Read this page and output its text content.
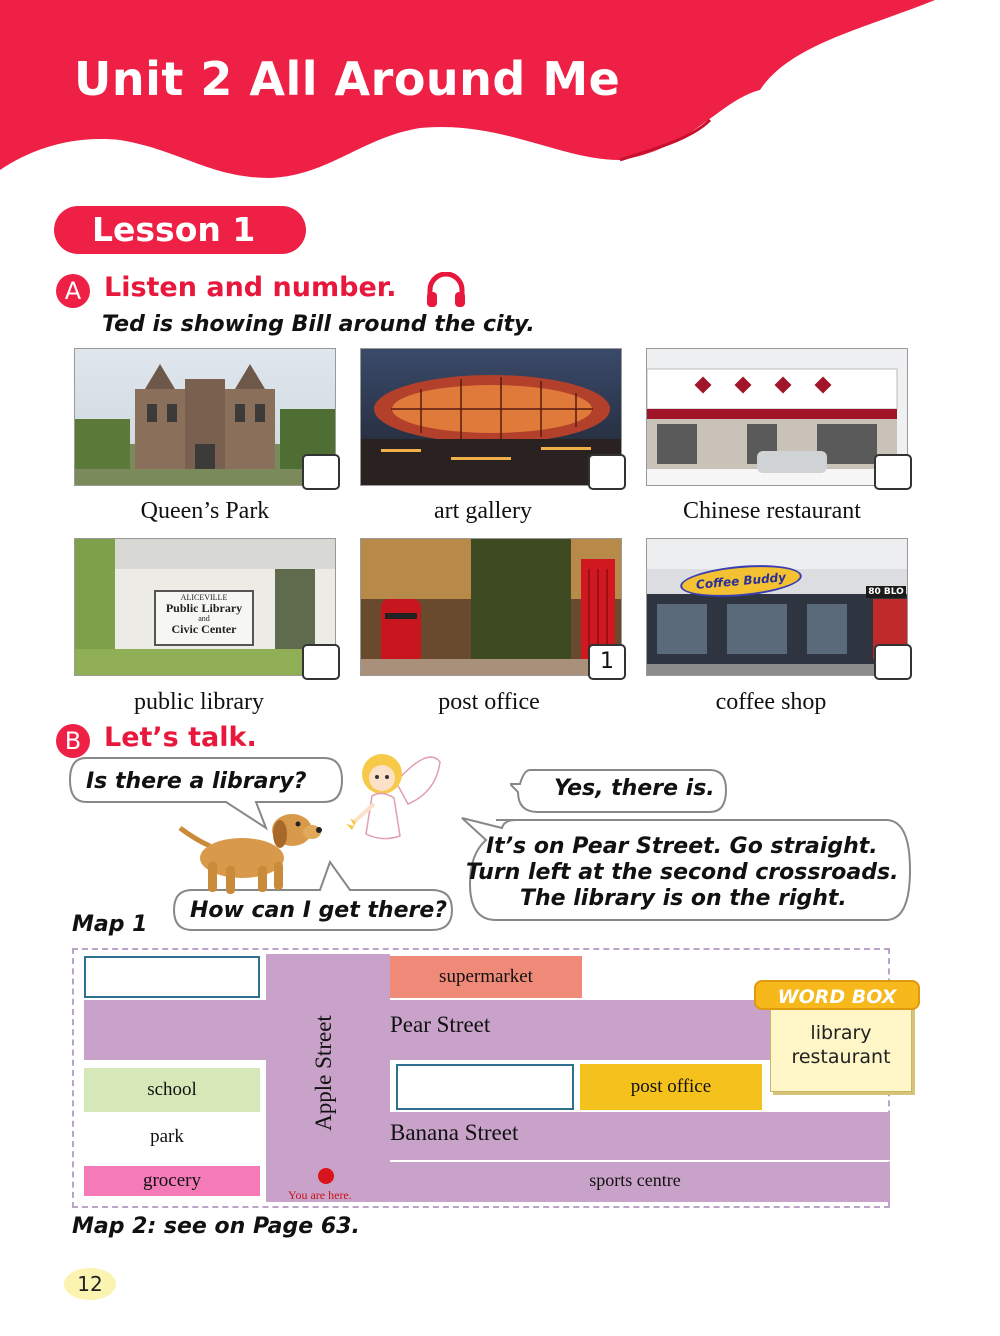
Unit 2 All Around Me
Lesson 1
A Listen and number.
Ted is showing Bill around the city.
Queen’s Park	art gallery	Chinese restaurant
ALICEVILLE
Public Library
and
Civic Center
public library
1
post office
Coffee Buddy
80 BLO
coffee shop
B Let’s talk.
Is there a library?	Yes, there is.
It’s on Pear Street. Go straight.
Turn left at the second crossroads.
The library is on the right.
How can I get there?
Map 1
supermarket
Pear Street
Apple Street
school
park
grocery
post office
Banana Street
sports centre
You are here.
library
restaurant
WORD BOX
Map 2: see on Page 63.
12
